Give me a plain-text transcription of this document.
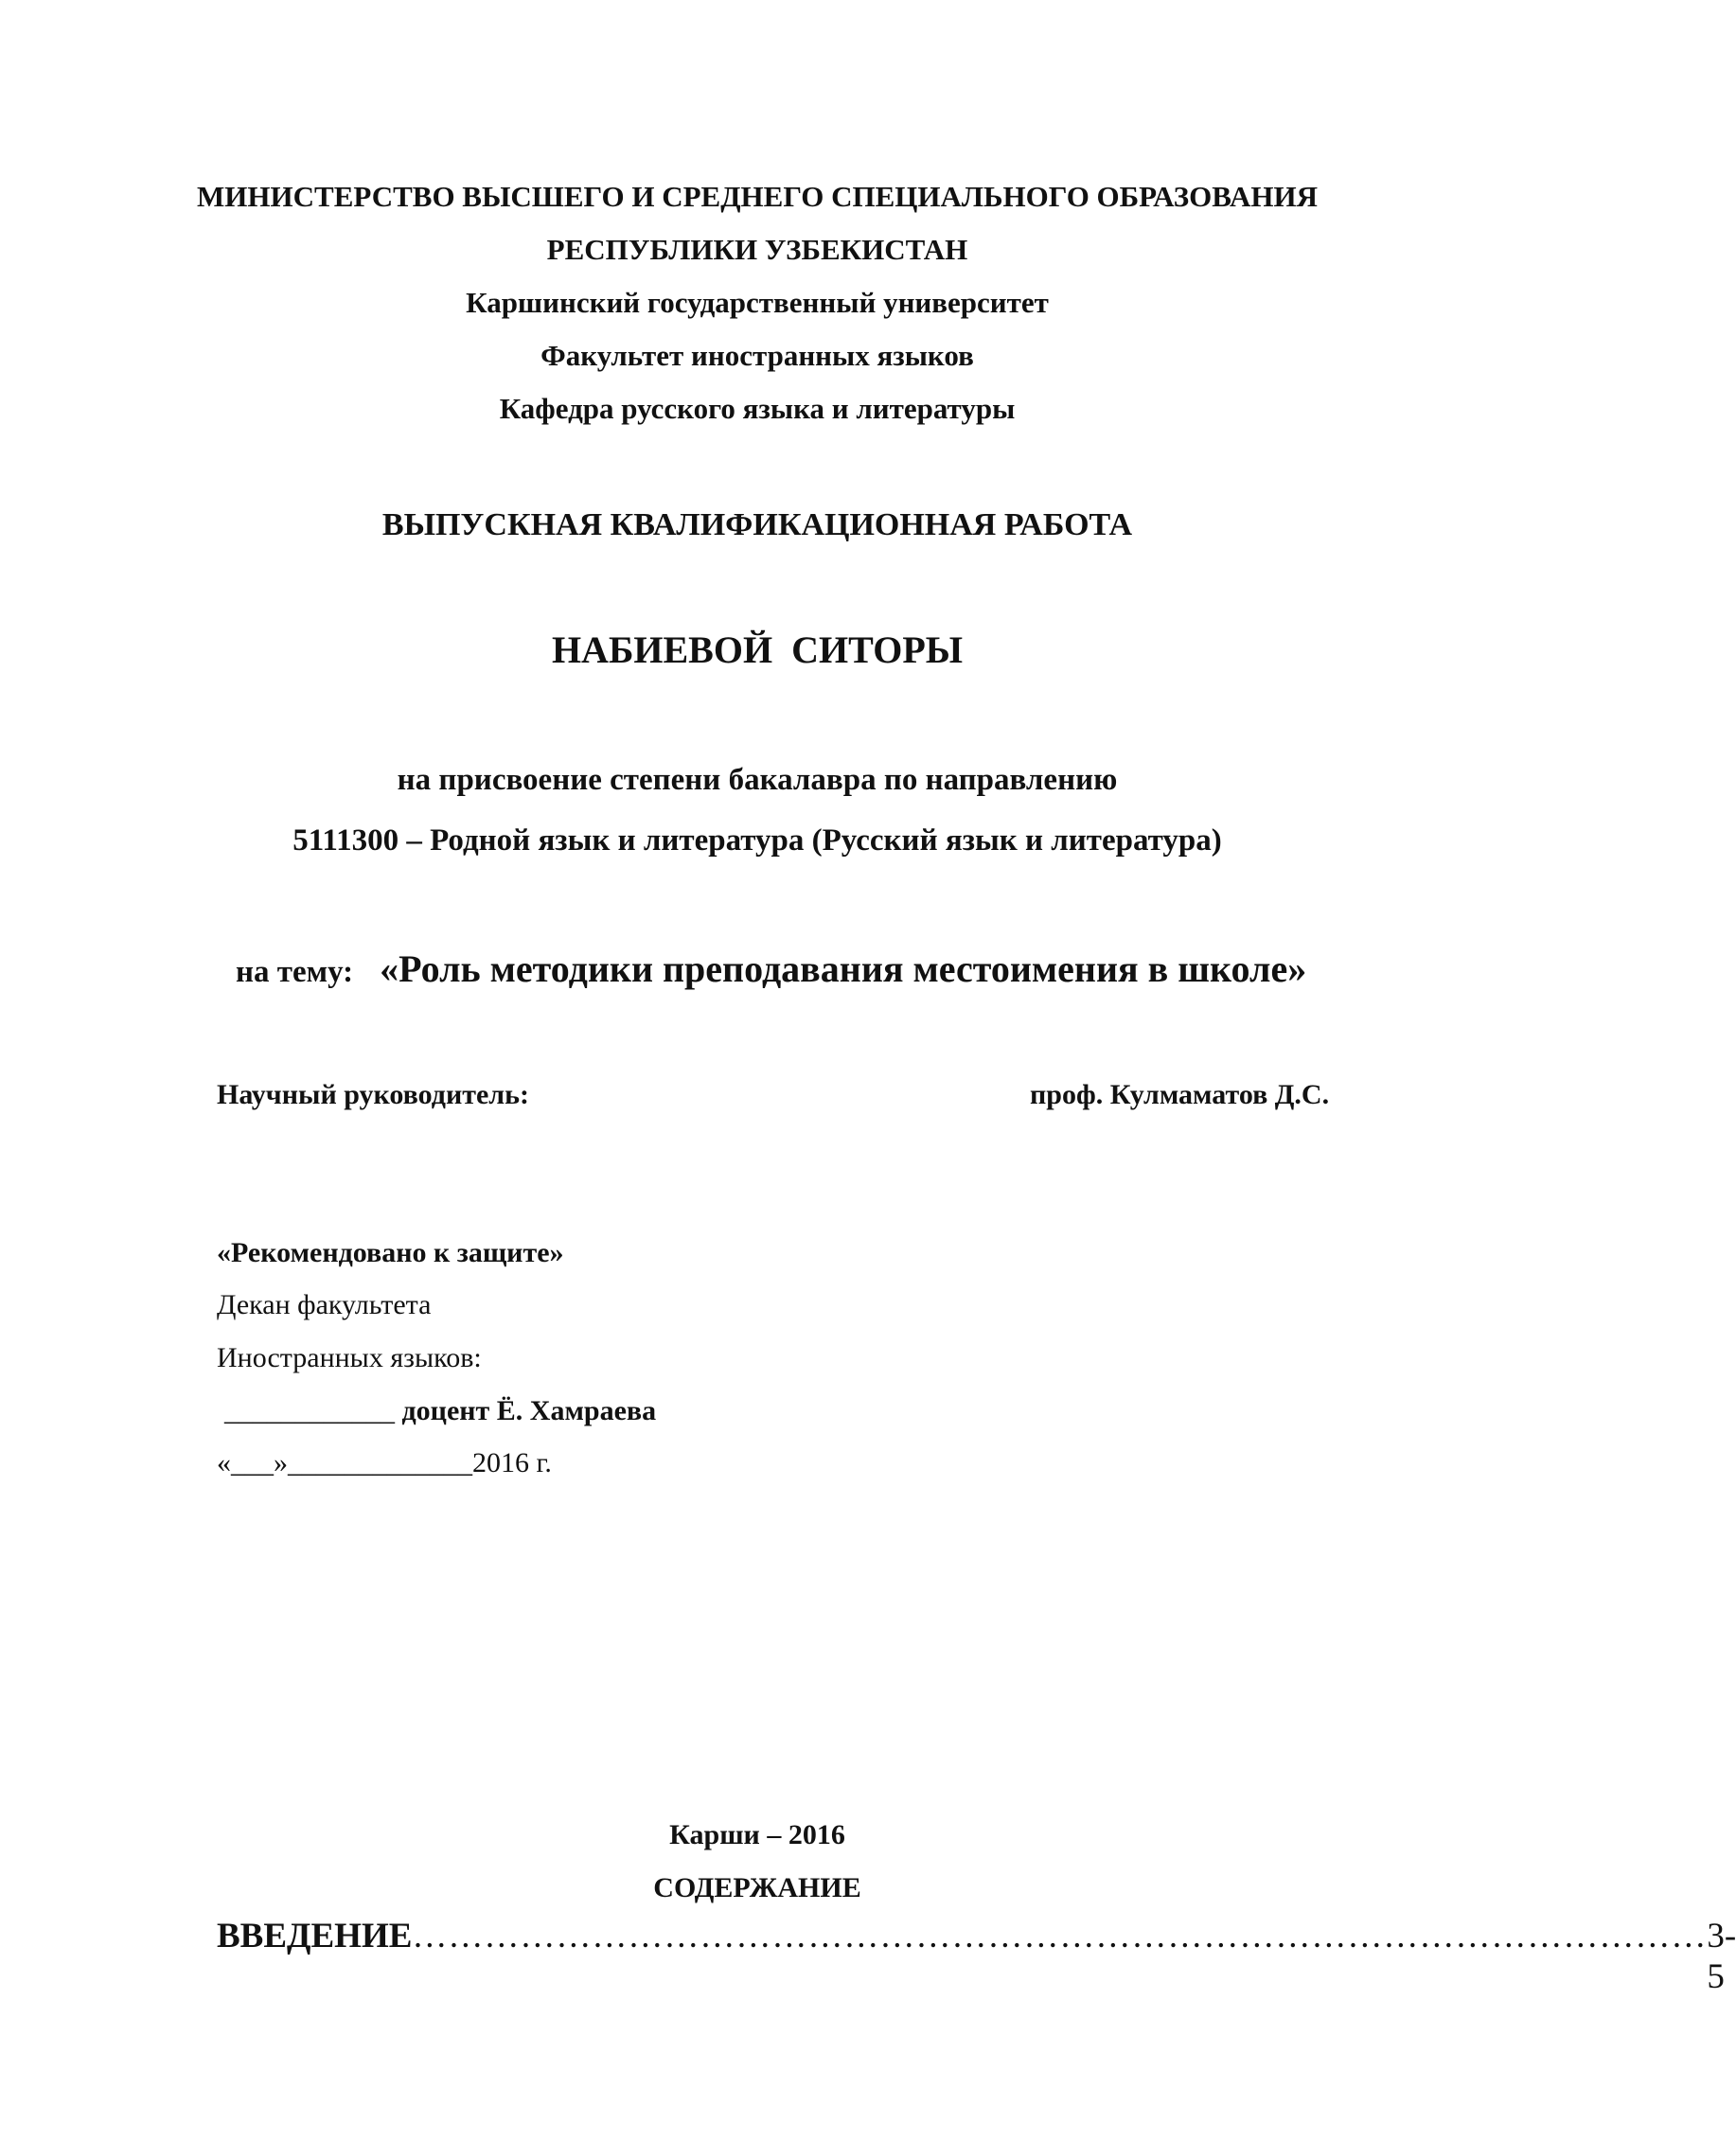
МИНИСТЕРСТВО ВЫСШЕГО И СРЕДНЕГО СПЕЦИАЛЬНОГО ОБРАЗОВАНИЯ
РЕСПУБЛИКИ УЗБЕКИСТАН
Каршинский государственный университет
Факультет иностранных языков
Кафедра русского языка и литературы
ВЫПУСКНАЯ КВАЛИФИКАЦИОННАЯ РАБОТА
НАБИЕВОЙ  СИТОРЫ
на присвоение степени бакалавра по направлению
5111300 – Родной язык и литература (Русский язык и литература)
на тему: «Роль методики преподавания местоимения в школе»
Научный руководитель:	проф. Кулмаматов Д.С.
«Рекомендовано к защите»
Декан факультета
Иностранных языков:
____________ доцент Ё. Хамраева
«___»_____________2016 г.
Карши – 2016
СОДЕРЖАНИЕ
ВВЕДЕНИЕ ……………………………………………………………………………………………… 3-5
